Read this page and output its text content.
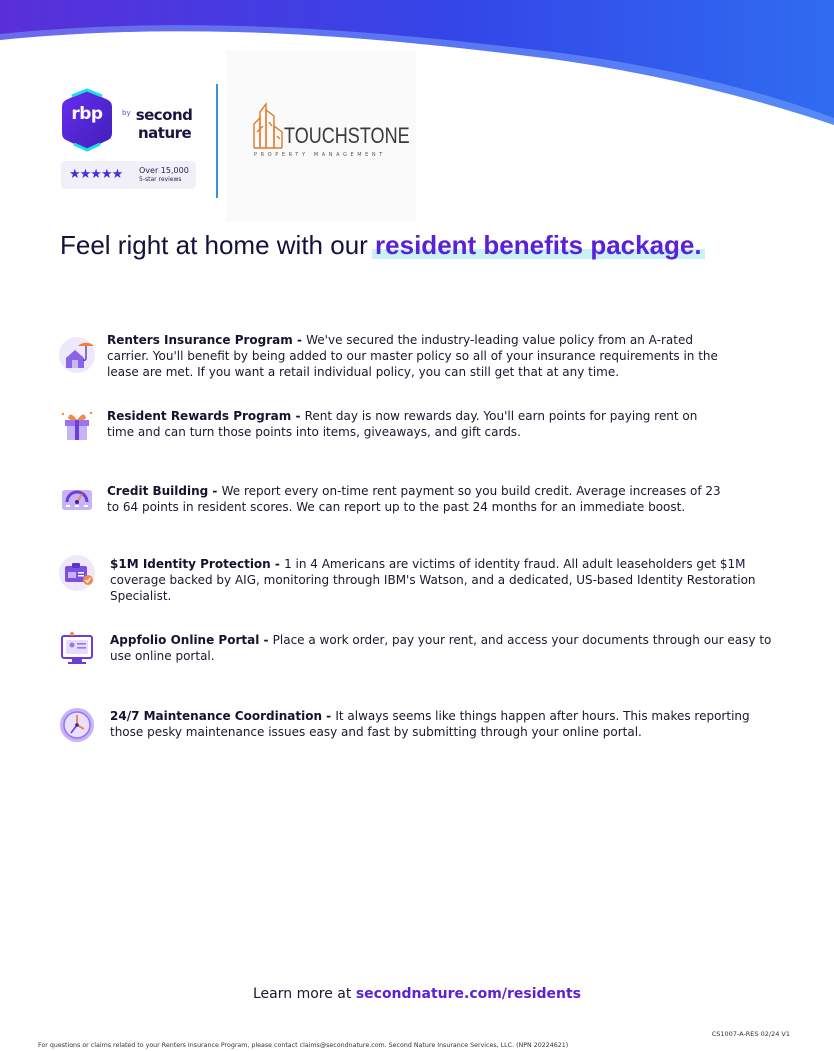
rbp	$^{by}$ second
nature
★★★★★ Over 15,000
5-star reviews
TOUCHSTONE
PROPERTY MANAGEMENT
Feel right at home with our resident benefits package.
Renters Insurance Program - We've secured the industry-leading value policy from an A-rated carrier. You'll benefit by being added to our master policy so all of your insurance requirements in the lease are met. If you want a retail individual policy, you can still get that at any time.
Resident Rewards Program - Rent day is now rewards day. You'll earn points for paying rent on time and can turn those points into items, giveaways, and gift cards.
Credit Building - We report every on-time rent payment so you build credit. Average increases of 23 to 64 points in resident scores. We can report up to the past 24 months for an immediate boost.
$1M Identity Protection - 1 in 4 Americans are victims of identity fraud. All adult leaseholders get $1M coverage backed by AIG, monitoring through IBM's Watson, and a dedicated, US-based Identity Restoration Specialist.
Appfolio Online Portal - Place a work order, pay your rent, and access your documents through our easy to use online portal.
24/7 Maintenance Coordination - It always seems like things happen after hours. This makes reporting those pesky maintenance issues easy and fast by submitting through your online portal.
Learn more at secondnature.com/residents
CS1007-A-RES 02/24 V1
For questions or claims related to your Renters Insurance Program, please contact claims@secondnature.com. Second Nature Insurance Services, LLC. (NPN 20224621)
